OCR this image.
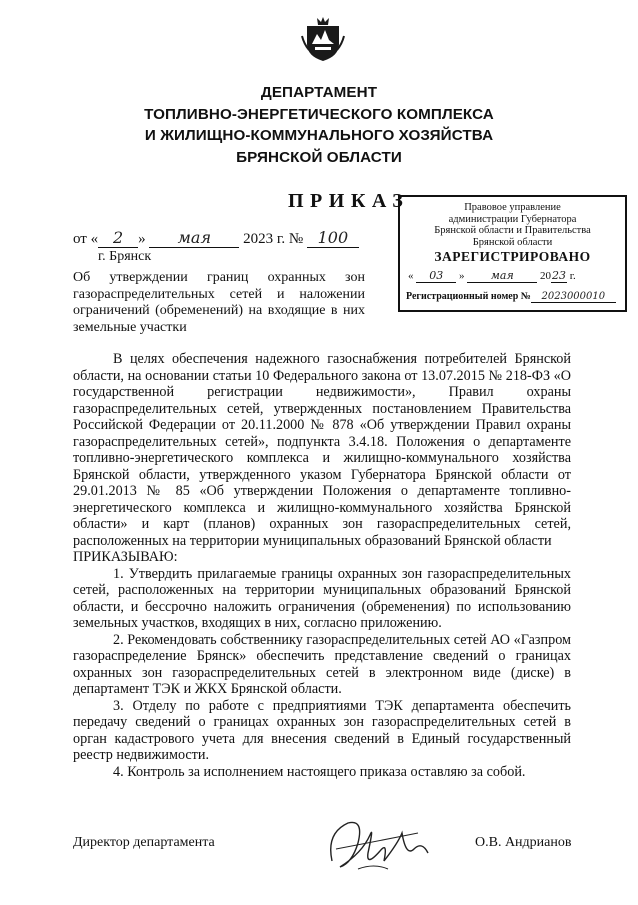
ДЕПАРТАМЕНТ
ТОПЛИВНО-ЭНЕРГЕТИЧЕСКОГО КОМПЛЕКСА
И ЖИЛИЩНО-КОММУНАЛЬНОГО ХОЗЯЙСТВА
БРЯНСКОЙ ОБЛАСТИ
ПРИКАЗ	Правовое управление
администрации Губернатора
Брянской области и Правительства
Брянской области
ЗАРЕГИСТРИРОВАНО
« 03 » мая 2023 г.
Регистрационный номер № 2023000010
от « 2 » мая 2023 г. № 100
г. Брянск
Об утверждении границ охранных зон газораспределительных сетей и наложении ограничений (обременений) на входящие в них земельные участки

В целях обеспечения надежного газоснабжения потребителей Брянской области, на основании статьи 10 Федерального закона от 13.07.2015 № 218-ФЗ «О государственной регистрации недвижимости», Правил охраны газораспределительных сетей, утвержденных постановлением Правительства Российской Федерации от 20.11.2000 № 878 «Об утверждении Правил охраны газораспределительных сетей», подпункта 3.4.18. Положения о департаменте топливно-энергетического комплекса и жилищно-коммунального хозяйства Брянской области, утвержденного указом Губернатора Брянской области от 29.01.2013 № 85 «Об утверждении Положения о департаменте топливно-энергетического комплекса и жилищно-коммунального хозяйства Брянской области» и карт (планов) охранных зон газораспределительных сетей, расположенных на территории муниципальных образований Брянской области

ПРИКАЗЫВАЮ:

1. Утвердить прилагаемые границы охранных зон газораспределительных сетей, расположенных на территории муниципальных образований Брянской области, и бессрочно наложить ограничения (обременения) по использованию земельных участков, входящих в них, согласно приложению.

2. Рекомендовать собственнику газораспределительных сетей АО «Газпром газораспределение Брянск» обеспечить представление сведений о границах охранных зон газораспределительных сетей в электронном виде (диске) в департамент ТЭК и ЖКХ Брянской области.

3. Отделу по работе с предприятиями ТЭК департамента обеспечить передачу сведений о границах охранных зон газораспределительных сетей в орган кадастрового учета для внесения сведений в Единый государственный реестр недвижимости.

4. Контроль за исполнением настоящего приказа оставляю за собой.

Директор департамента	О.В. Андрианов
